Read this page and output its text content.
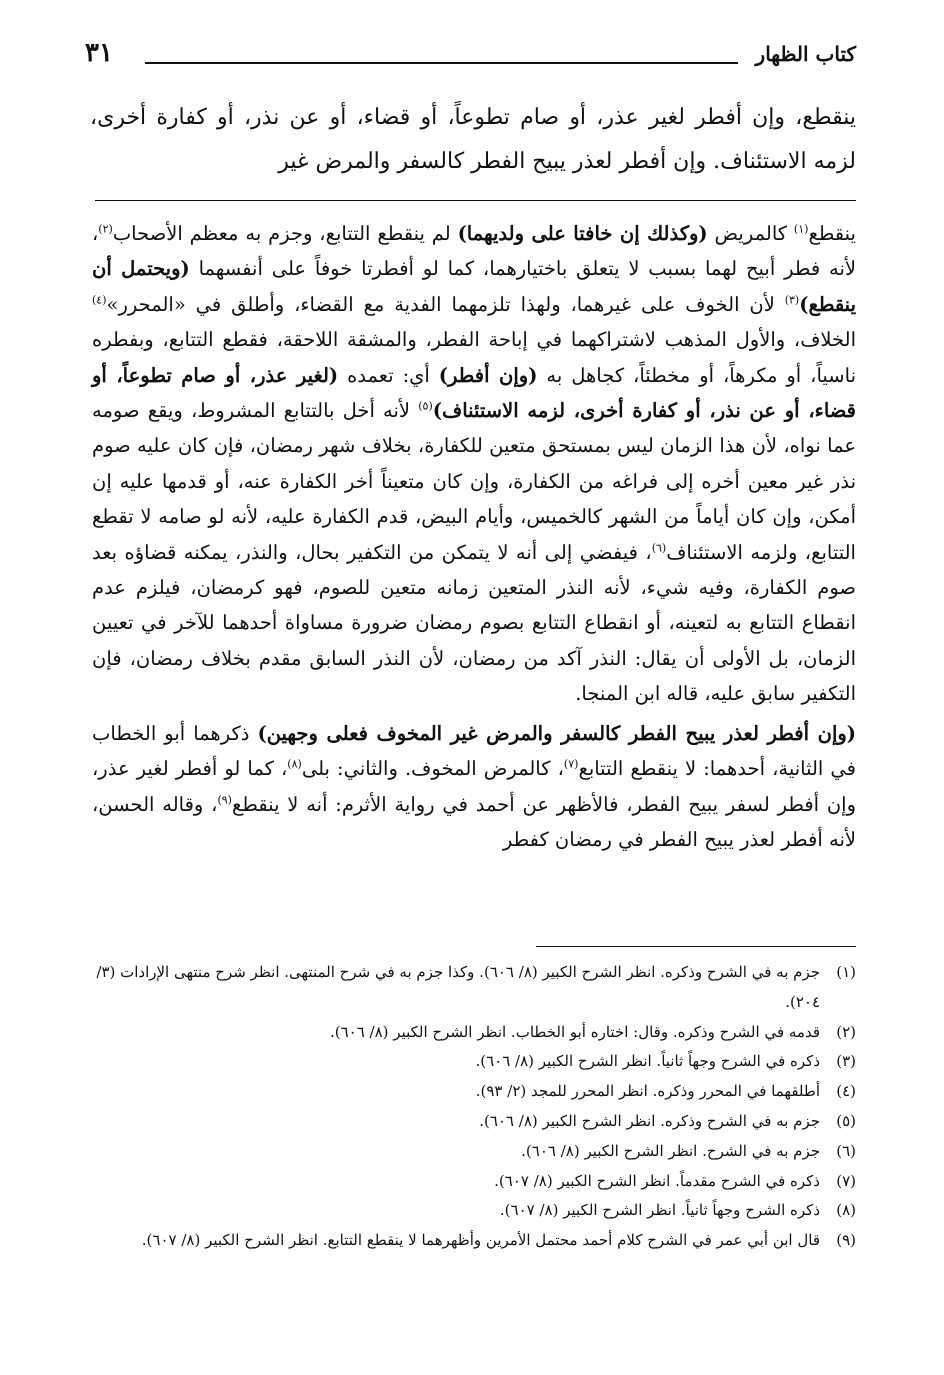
كتاب الظهار
٣١
ينقطع، وإن أفطر لغير عذر، أو صام تطوعاً، أو قضاء، أو عن نذر، أو كفارة أخرى، لزمه الاستئناف. وإن أفطر لعذر يبيح الفطر كالسفر والمرض غير

ينقطع$^{(١)}$ كالمريض (وكذلك إن خافتا على ولديهما) لم ينقطع التتابع، وجزم به معظم الأصحاب$^{(٢)}$، لأنه فطر أبيح لهما بسبب لا يتعلق باختيارهما، كما لو أفطرتا خوفاً على أنفسهما (ويحتمل أن ينقطع)$^{(٣)}$ لأن الخوف على غيرهما، ولهذا تلزمهما الفدية مع القضاء، وأطلق في «المحرر»$^{(٤)}$ الخلاف، والأول المذهب لاشتراكهما في إباحة الفطر، والمشقة اللاحقة، فقطع التتابع، وبفطره ناسياً، أو مكرهاً، أو مخطئاً، كجاهل به (وإن أفطر) أي: تعمده (لغير عذر، أو صام تطوعاً، أو قضاء، أو عن نذر، أو كفارة أخرى، لزمه الاستئناف)$^{(٥)}$ لأنه أخل بالتتابع المشروط، ويقع صومه عما نواه، لأن هذا الزمان ليس بمستحق متعين للكفارة، بخلاف شهر رمضان، فإن كان عليه صوم نذر غير معين أخره إلى فراغه من الكفارة، وإن كان متعيناً أخر الكفارة عنه، أو قدمها عليه إن أمكن، وإن كان أياماً من الشهر كالخميس، وأيام البيض، قدم الكفارة عليه، لأنه لو صامه لا تقطع التتابع، ولزمه الاستئناف$^{(٦)}$، فيفضي إلى أنه لا يتمكن من التكفير بحال، والنذر، يمكنه قضاؤه بعد صوم الكفارة، وفيه شيء، لأنه النذر المتعين زمانه متعين للصوم، فهو كرمضان، فيلزم عدم انقطاع التتابع به لتعينه، أو انقطاع التتابع بصوم رمضان ضرورة مساواة أحدهما للآخر في تعيين الزمان، بل الأولى أن يقال: النذر آكد من رمضان، لأن النذر السابق مقدم بخلاف رمضان، فإن التكفير سابق عليه، قاله ابن المنجا.

(وإن أفطر لعذر يبيح الفطر كالسفر والمرض غير المخوف فعلى وجهين) ذكرهما أبو الخطاب في الثانية، أحدهما: لا ينقطع التتابع$^{(٧)}$، كالمرض المخوف. والثاني: بلى$^{(٨)}$، كما لو أفطر لغير عذر، وإن أفطر لسفر يبيح الفطر، فالأظهر عن أحمد في رواية الأثرم: أنه لا ينقطع$^{(٩)}$، وقاله الحسن، لأنه أفطر لعذر يبيح الفطر في رمضان كفطر

(١)
جزم به في الشرح وذكره. انظر الشرح الكبير (٨/ ٦٠٦). وكذا جزم به في شرح المنتهى. انظر شرح منتهى الإرادات (٣/ ٢٠٤).
(٢)
قدمه في الشرح وذكره. وقال: اختاره أبو الخطاب. انظر الشرح الكبير (٨/ ٦٠٦).
(٣)
ذكره في الشرح وجهاً ثانياً. انظر الشرح الكبير (٨/ ٦٠٦).
(٤)
أطلقهما في المحرر وذكره. انظر المحرر للمجد (٢/ ٩٣).
(٥)
جزم به في الشرح وذكره. انظر الشرح الكبير (٨/ ٦٠٦).
(٦)
جزم به في الشرح. انظر الشرح الكبير (٨/ ٦٠٦).
(٧)
ذكره في الشرح مقدماً. انظر الشرح الكبير (٨/ ٦٠٧).
(٨)
ذكره الشرح وجهاً ثانياً. انظر الشرح الكبير (٨/ ٦٠٧).
(٩)
قال ابن أبي عمر في الشرح كلام أحمد محتمل الأمرين وأظهرهما لا ينقطع التتابع. انظر الشرح الكبير (٨/ ٦٠٧).
